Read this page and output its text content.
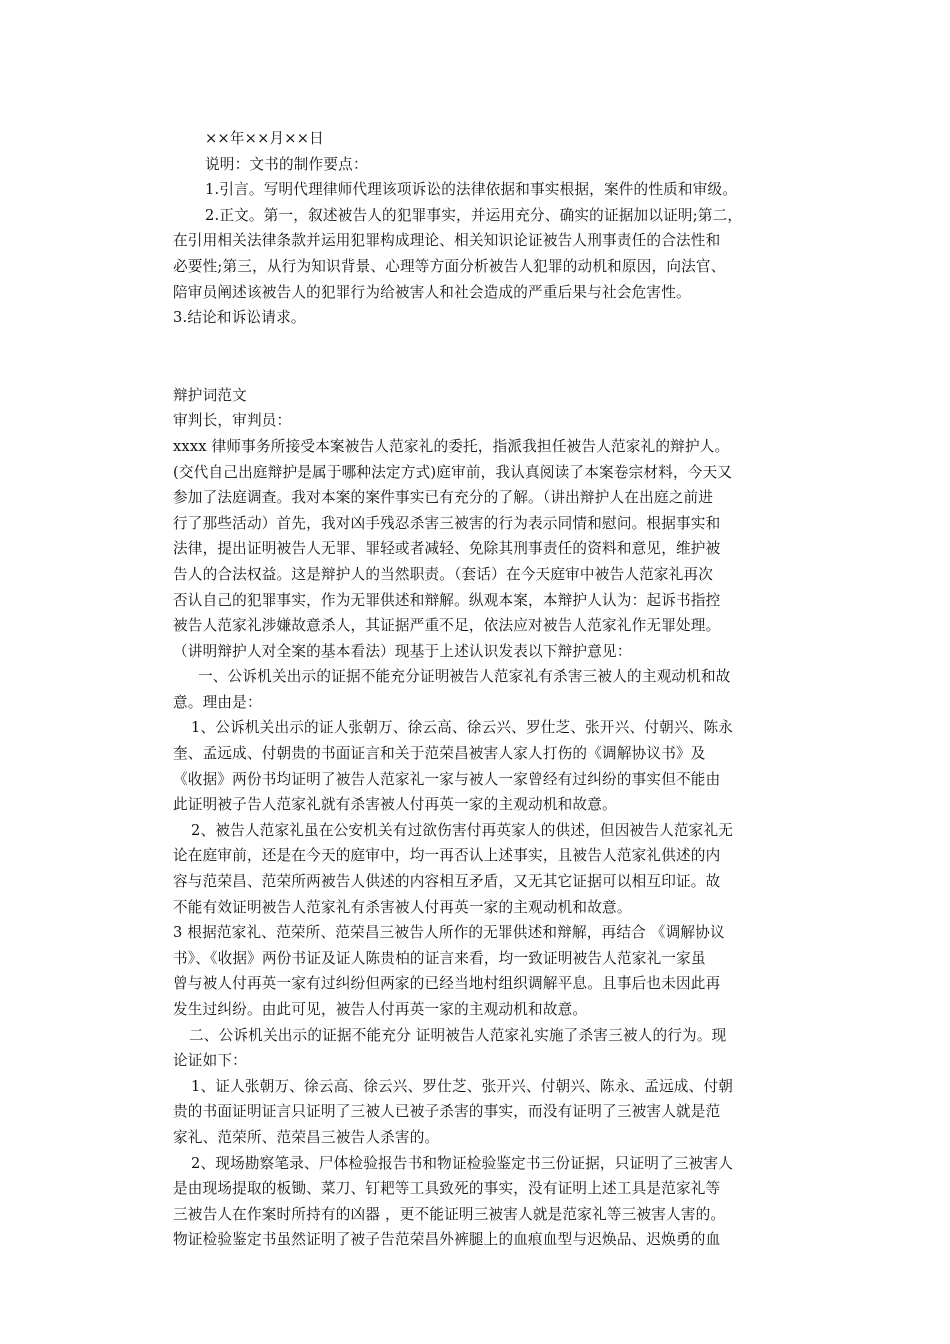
××年××月××日
说明：文书的制作要点：
1.引言。写明代理律师代理该项诉讼的法律依据和事实根据，案件的性质和审级。
2.正文。第一，叙述被告人的犯罪事实，并运用充分、确实的证据加以证明;第二，
在引用相关法律条款并运用犯罪构成理论、相关知识论证被告人刑事责任的合法性和
必要性;第三，从行为知识背景、心理等方面分析被告人犯罪的动机和原因，向法官、
陪审员阐述该被告人的犯罪行为给被害人和社会造成的严重后果与社会危害性。
3.结论和诉讼请求。
辩护词范文
审判长，审判员：
xxxx 律师事务所接受本案被告人范家礼的委托，指派我担任被告人范家礼的辩护人。
(交代自己出庭辩护是属于哪种法定方式)庭审前，我认真阅读了本案卷宗材料，今天又
参加了法庭调查。我对本案的案件事实已有充分的了解。（讲出辩护人在出庭之前进
行了那些活动）首先，我对凶手残忍杀害三被害的行为表示同情和慰问。根据事实和
法律，提出证明被告人无罪、罪轻或者减轻、免除其刑事责任的资料和意见，维护被
告人的合法权益。这是辩护人的当然职责。（套话）在今天庭审中被告人范家礼再次
否认自己的犯罪事实，作为无罪供述和辩解。纵观本案，本辩护人认为：起诉书指控
被告人范家礼涉嫌故意杀人，其证据严重不足，依法应对被告人范家礼作无罪处理。
（讲明辩护人对全案的基本看法）现基于上述认识发表以下辩护意见：
一、公诉机关出示的证据不能充分证明被告人范家礼有杀害三被人的主观动机和故
意。理由是：
1、公诉机关出示的证人张朝万、徐云高、徐云兴、罗仕芝、张开兴、付朝兴、陈永
奎、孟远成、付朝贵的书面证言和关于范荣昌被害人家人打伤的《调解协议书》及
《收据》两份书均证明了被告人范家礼一家与被人一家曾经有过纠纷的事实但不能由
此证明被子告人范家礼就有杀害被人付再英一家的主观动机和故意。
2、被告人范家礼虽在公安机关有过欲伤害付再英家人的供述，但因被告人范家礼无
论在庭审前，还是在今天的庭审中，均一再否认上述事实，且被告人范家礼供述的内
容与范荣昌、范荣所两被告人供述的内容相互矛盾，又无其它证据可以相互印证。故
不能有效证明被告人范家礼有杀害被人付再英一家的主观动机和故意。
3 根据范家礼、范荣所、范荣昌三被告人所作的无罪供述和辩解，再结合 《调解协议
书》、《收据》两份书证及证人陈贵柏的证言来看，均一致证明被告人范家礼一家虽
曾与被人付再英一家有过纠纷但两家的已经当地村组织调解平息。且事后也未因此再
发生过纠纷。由此可见，被告人付再英一家的主观动机和故意。
二、公诉机关出示的证据不能充分 证明被告人范家礼实施了杀害三被人的行为。现
论证如下：
1、证人张朝万、徐云高、徐云兴、罗仕芝、张开兴、付朝兴、陈永、孟远成、付朝
贵的书面证明证言只证明了三被人已被子杀害的事实，而没有证明了三被害人就是范
家礼、范荣所、范荣昌三被告人杀害的。
2、现场勘察笔录、尸体检验报告书和物证检验鉴定书三份证据，只证明了三被害人
是由现场提取的板锄、菜刀、钉耙等工具致死的事实，没有证明上述工具是范家礼等
三被告人在作案时所持有的凶器 ，更不能证明三被害人就是范家礼等三被害人害的。
物证检验鉴定书虽然证明了被子告范荣昌外裤腿上的血痕血型与迟焕品、迟焕勇的血
